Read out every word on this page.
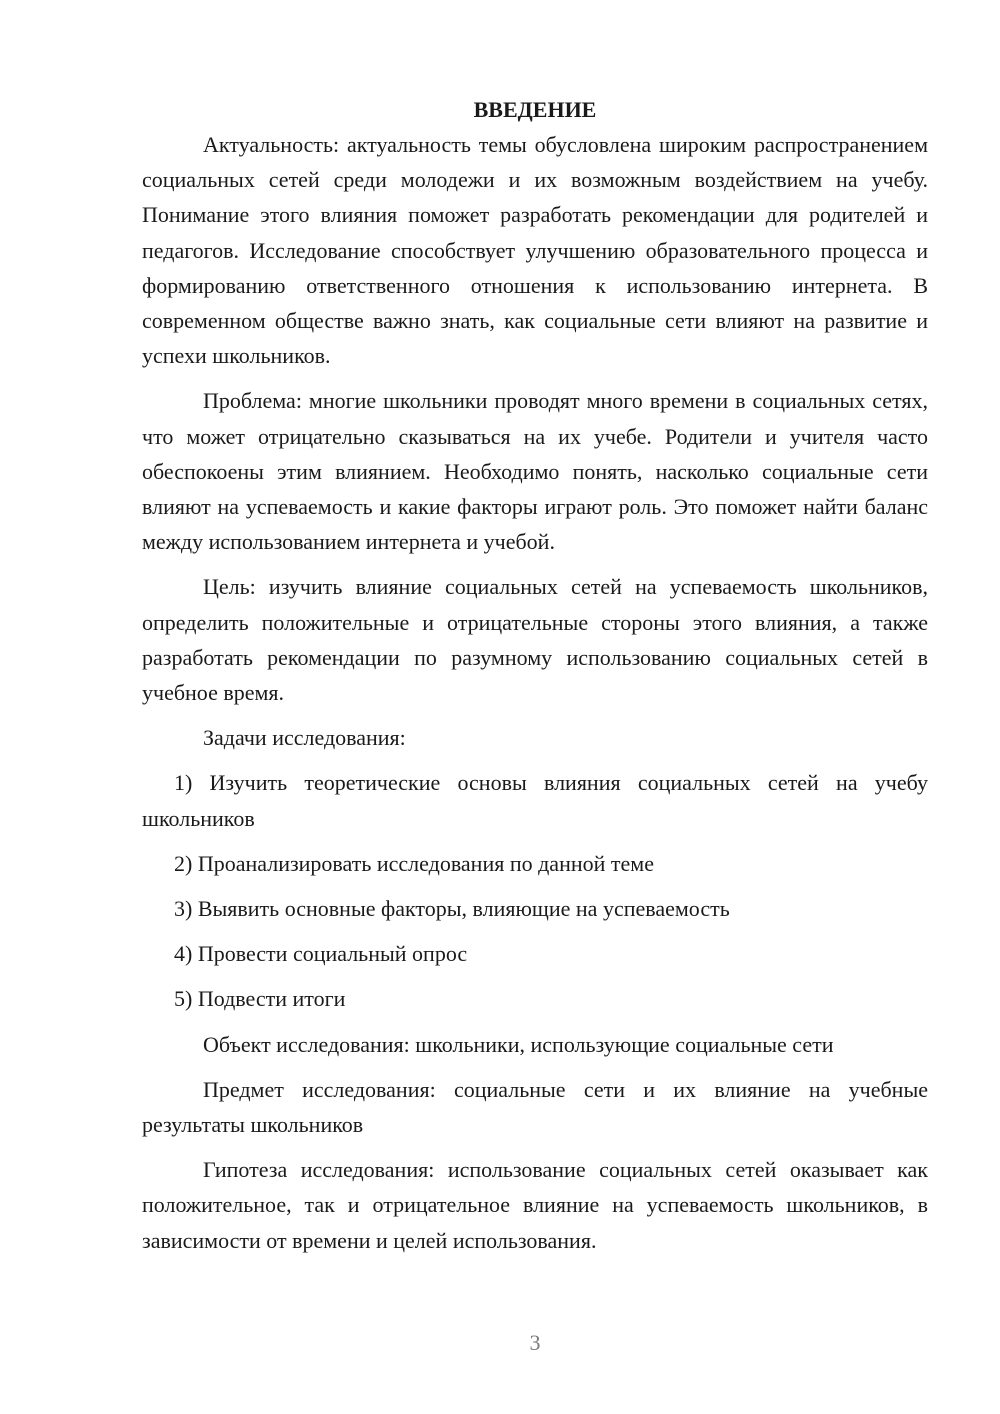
ВВЕДЕНИЕ

Актуальность: актуальность темы обусловлена широким распространением социальных сетей среди молодежи и их возможным воздействием на учебу. Понимание этого влияния поможет разработать рекомендации для родителей и педагогов. Исследование способствует улучшению образовательного процесса и формированию ответственного отношения к использованию интернета. В современном обществе важно знать, как социальные сети влияют на развитие и успехи школьников.

Проблема: многие школьники проводят много времени в социальных сетях, что может отрицательно сказываться на их учебе. Родители и учителя часто обеспокоены этим влиянием. Необходимо понять, насколько социальные сети влияют на успеваемость и какие факторы играют роль. Это поможет найти баланс между использованием интернета и учебой.

Цель: изучить влияние социальных сетей на успеваемость школьников, определить положительные и отрицательные стороны этого влияния, а также разработать рекомендации по разумному использованию социальных сетей в учебное время.

Задачи исследования:

1) Изучить теоретические основы влияния социальных сетей на учебу школьников

2) Проанализировать исследования по данной теме

3) Выявить основные факторы, влияющие на успеваемость

4) Провести социальный опрос

5) Подвести итоги

Объект исследования: школьники, использующие социальные сети

Предмет исследования: социальные сети и их влияние на учебные результаты школьников

Гипотеза исследования: использование социальных сетей оказывает как положительное, так и отрицательное влияние на успеваемость школьников, в зависимости от времени и целей использования.

3
